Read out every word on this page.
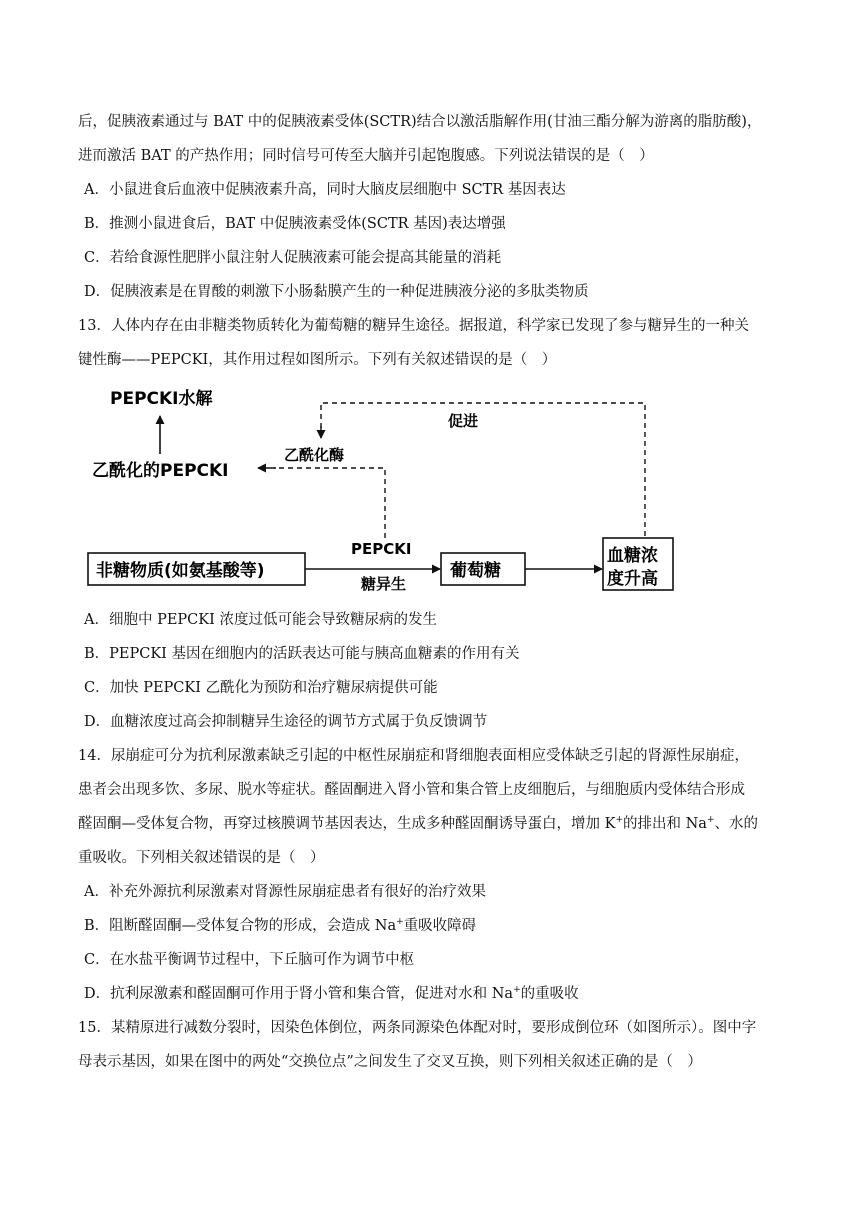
后，促胰液素通过与 BAT 中的促胰液素受体(SCTR)结合以激活脂解作用(甘油三酯分解为游离的脂肪酸)，
进而激活 BAT 的产热作用；同时信号可传至大脑并引起饱腹感。下列说法错误的是（　）
A．小鼠进食后血液中促胰液素升高，同时大脑皮层细胞中 SCTR 基因表达
B．推测小鼠进食后，BAT 中促胰液素受体(SCTR 基因)表达增强
C．若给食源性肥胖小鼠注射人促胰液素可能会提高其能量的消耗
D．促胰液素是在胃酸的刺激下小肠黏膜产生的一种促进胰液分泌的多肽类物质
13．人体内存在由非糖类物质转化为葡萄糖的糖异生途径。据报道，科学家已发现了参与糖异生的一种关
键性酶——PEPCKI，其作用过程如图所示。下列有关叙述错误的是（　）
PEPCKI水解
乙酰化的PEPCKI
乙酰化酶
促进
非糖物质(如氨基酸等)	葡萄糖
血糖浓
度升高
PEPCKI
糖异生
A．细胞中 PEPCKI 浓度过低可能会导致糖尿病的发生
B．PEPCKI 基因在细胞内的活跃表达可能与胰高血糖素的作用有关
C．加快 PEPCKI 乙酰化为预防和治疗糖尿病提供可能
D．血糖浓度过高会抑制糖异生途径的调节方式属于负反馈调节
14．尿崩症可分为抗利尿激素缺乏引起的中枢性尿崩症和肾细胞表面相应受体缺乏引起的肾源性尿崩症，
患者会出现多饮、多尿、脱水等症状。醛固酮进入肾小管和集合管上皮细胞后，与细胞质内受体结合形成
醛固酮—受体复合物，再穿过核膜调节基因表达，生成多种醛固酮诱导蛋白，增加 K+的排出和 Na+、水的
重吸收。下列相关叙述错误的是（　）
A．补充外源抗利尿激素对肾源性尿崩症患者有很好的治疗效果
B．阻断醛固酮—受体复合物的形成，会造成 Na+重吸收障碍
C．在水盐平衡调节过程中，下丘脑可作为调节中枢
D．抗利尿激素和醛固酮可作用于肾小管和集合管，促进对水和 Na+的重吸收
15．某精原进行减数分裂时，因染色体倒位，两条同源染色体配对时，要形成倒位环（如图所示）。图中字
母表示基因，如果在图中的两处“交换位点”之间发生了交叉互换，则下列相关叙述正确的是（　）
